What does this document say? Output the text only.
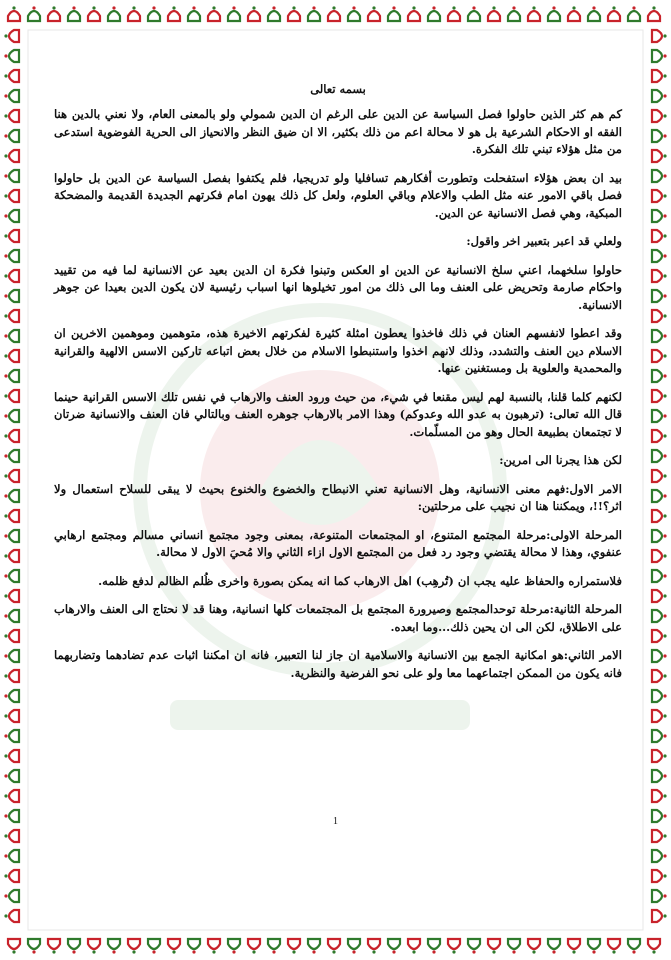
بسمه تعالى

كم هم كثر الذين حاولوا فصل السياسة عن الدين على الرغم ان الدين شمولي ولو بالمعنى العام، ولا نعني بالدين هنا الفقه او الاحكام الشرعية بل هو لا محالة اعم من ذلك بكثير، الا ان ضيق النظر والانحياز الى الحرية الفوضوية استدعى من مثل هؤلاء تبني تلك الفكرة.

بيد ان بعض هؤلاء استفحلت وتطورت أفكارهم تسافليا ولو تدريجيا، فلم يكتفوا بفصل السياسة عن الدين بل حاولوا فصل باقي الامور عنه مثل الطب والاعلام وباقي العلوم، ولعل كل ذلك يهون امام فكرتهم الجديدة القديمة والمضحكة المبكية، وهي فصل الانسانية عن الدين.

ولعلي قد اعبر بتعبير اخر واقول:

حاولوا سلخهما، اعني سلخ الانسانية عن الدين او العكس وتبنوا فكرة ان الدين بعيد عن الانسانية لما فيه من تقييد واحكام صارمة وتحريض على العنف وما الى ذلك من امور تخيلوها انها اسباب رئيسية لان يكون الدين بعيدا عن جوهر الانسانية.

وقد اعطوا لانفسهم العنان في ذلك فاخذوا يعطون امثلة كثيرة لفكرتهم الاخيرة هذه، متوهمين وموهمين الاخرين ان الاسلام دين العنف والتشدد، وذلك لانهم اخذوا واستنبطوا الاسلام من خلال بعض اتباعه تاركين الاسس الالهية والقرانية والمحمدية والعلوية بل ومستغنين عنها.

لكنهم كلما قلنا، بالنسبة لهم ليس مقنعا في شيء، من حيث ورود العنف والارهاب في نفس تلك الاسس القرانية حينما قال الله تعالى: (ترهبون به عدو الله وعدوكم) وهذا الامر بالارهاب جوهره العنف وبالتالي فان العنف والانسانية ضرتان لا تجتمعان بطبيعة الحال وهو من المسلّمات.

لكن هذا يجرنا الى امرين:

الامر الاول:فهم معنى الانسانية، وهل الانسانية تعني الانبطاح والخضوع والخنوع بحيث لا يبقى للسلاح استعمال ولا اثر؟!!، ويمكننا هنا ان نجيب على مرحلتين:

المرحلة الاولى:مرحلة المجتمع المتنوع، او المجتمعات المتنوعة، بمعنى وجود مجتمع انساني مسالم ومجتمع ارهابي عنفوي، وهذا لا محالة يقتضي وجود رد فعل من المجتمع الاول ازاء الثاني والا مُحيَ الاول لا محالة.

فلاستمراره والحفاظ عليه يجب ان (تُرهِب) اهل الارهاب كما انه يمكن بصورة واخرى ظُلم الظالم لدفع ظلمه.

المرحلة الثانية:مرحلة توحدالمجتمع وصيرورة المجتمع بل المجتمعات كلها انسانية، وهنا قد لا نحتاج الى العنف والارهاب على الاطلاق، لكن الى ان يحين ذلك...وما ابعده.

الامر الثاني:هو امكانية الجمع بين الانسانية والاسلامية ان جاز لنا التعبير، فانه ان امكننا اثبات عدم تضادهما وتضاربهما فانه يكون من الممكن اجتماعهما معا ولو على نحو الفرضية والنظرية.

1
